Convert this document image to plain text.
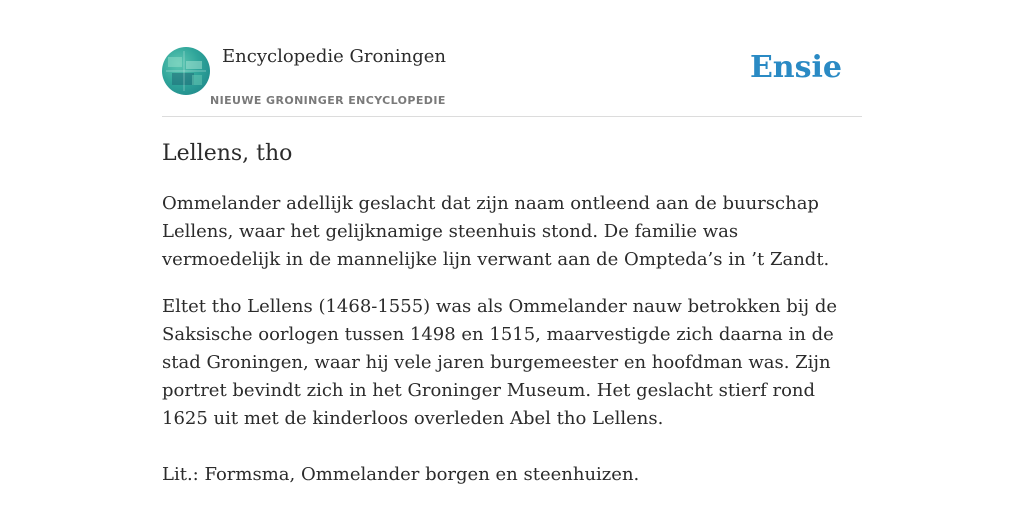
Encyclopedie Groningen
NIEUWE GRONINGER ENCYCLOPEDIE
Ensie
Lellens, tho

Ommelander adellijk geslacht dat zijn naam ontleend aan de buurschap Lellens, waar het gelijknamige steenhuis stond. De familie was vermoedelijk in de mannelijke lijn verwant aan de Ompteda’s in ’t Zandt.

Eltet tho Lellens (1468-1555) was als Ommelander nauw betrokken bij de Saksische oorlogen tussen 1498 en 1515, maarvestigde zich daarna in de stad Groningen, waar hij vele jaren burgemeester en hoofdman was. Zijn portret bevindt zich in het Groninger Museum. Het geslacht stierf rond 1625 uit met de kinderloos overleden Abel tho Lellens.

Lit.: Formsma, Ommelander borgen en steenhuizen.
